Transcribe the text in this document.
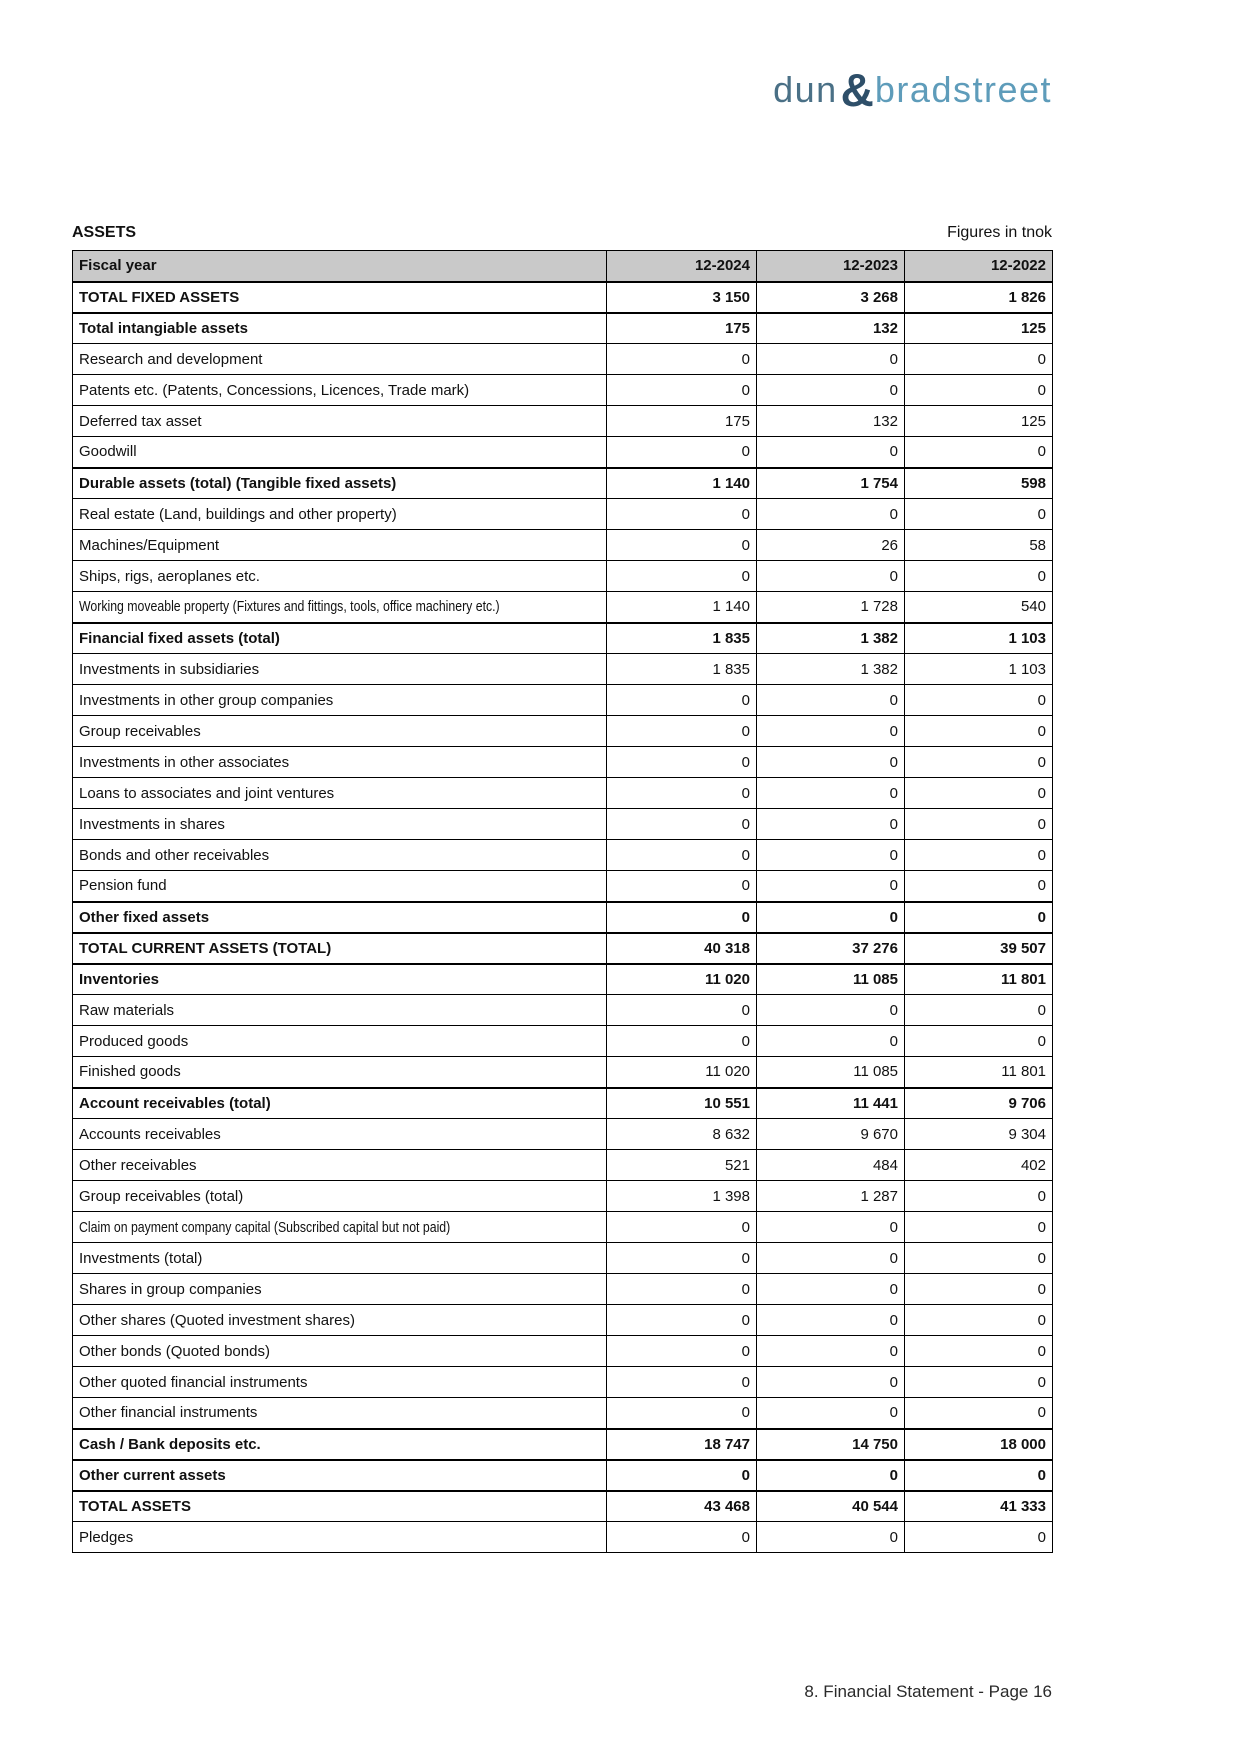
dun&bradstreet
ASSETS	Figures in tnok
Fiscal year	12-2024	12-2023	12-2022
TOTAL FIXED ASSETS	3 150	3 268	1 826
Total intangiable assets	175	132	125
Research and development	0	0	0
Patents etc. (Patents, Concessions, Licences, Trade mark)	0	0	0
Deferred tax asset	175	132	125
Goodwill	0	0	0
Durable assets (total) (Tangible fixed assets)	1 140	1 754	598
Real estate (Land, buildings and other property)	0	0	0
Machines/Equipment	0	26	58
Ships, rigs, aeroplanes etc.	0	0	0
Working moveable property (Fixtures and fittings, tools, office machinery etc.)	1 140	1 728	540
Financial fixed assets (total)	1 835	1 382	1 103
Investments in subsidiaries	1 835	1 382	1 103
Investments in other group companies	0	0	0
Group receivables	0	0	0
Investments in other associates	0	0	0
Loans to associates and joint ventures	0	0	0
Investments in shares	0	0	0
Bonds and other receivables	0	0	0
Pension fund	0	0	0
Other fixed assets	0	0	0
TOTAL CURRENT ASSETS (TOTAL)	40 318	37 276	39 507
Inventories	11 020	11 085	11 801
Raw materials	0	0	0
Produced goods	0	0	0
Finished goods	11 020	11 085	11 801
Account receivables (total)	10 551	11 441	9 706
Accounts receivables	8 632	9 670	9 304
Other receivables	521	484	402
Group receivables (total)	1 398	1 287	0
Claim on payment company capital (Subscribed capital but not paid)	0	0	0
Investments (total)	0	0	0
Shares in group companies	0	0	0
Other shares (Quoted investment shares)	0	0	0
Other bonds (Quoted bonds)	0	0	0
Other quoted financial instruments	0	0	0
Other financial instruments	0	0	0
Cash / Bank deposits etc.	18 747	14 750	18 000
Other current assets	0	0	0
TOTAL ASSETS	43 468	40 544	41 333
Pledges	0	0	0
8. Financial Statement - Page 16
